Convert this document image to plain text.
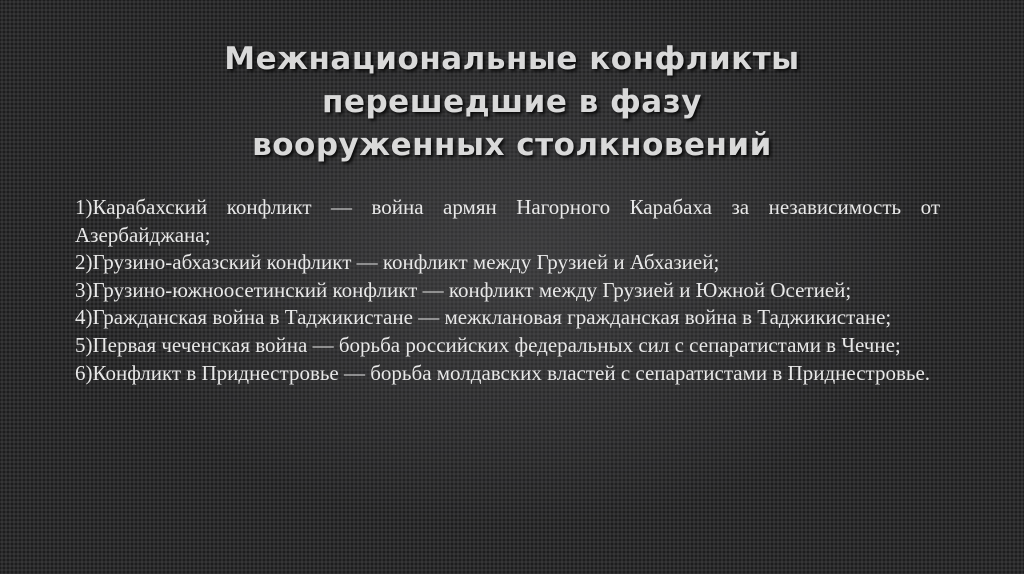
Межнациональные конфликты
перешедшие в фазу
вооруженных столкновений
1)Карабахский конфликт — война армян Нагорного Карабаха за независимость от Азербайджана;
2)Грузино-абхазский конфликт — конфликт между Грузией и Абхазией;
3)Грузино-южноосетинский конфликт — конфликт между Грузией и Южной Осетией;
4)Гражданская война в Таджикистане — межклановая гражданская война в Таджикистане;
5)Первая чеченская война — борьба российских федеральных сил с сепаратистами в Чечне;
6)Конфликт в Приднестровье — борьба молдавских властей с сепаратистами в Приднестровье.
